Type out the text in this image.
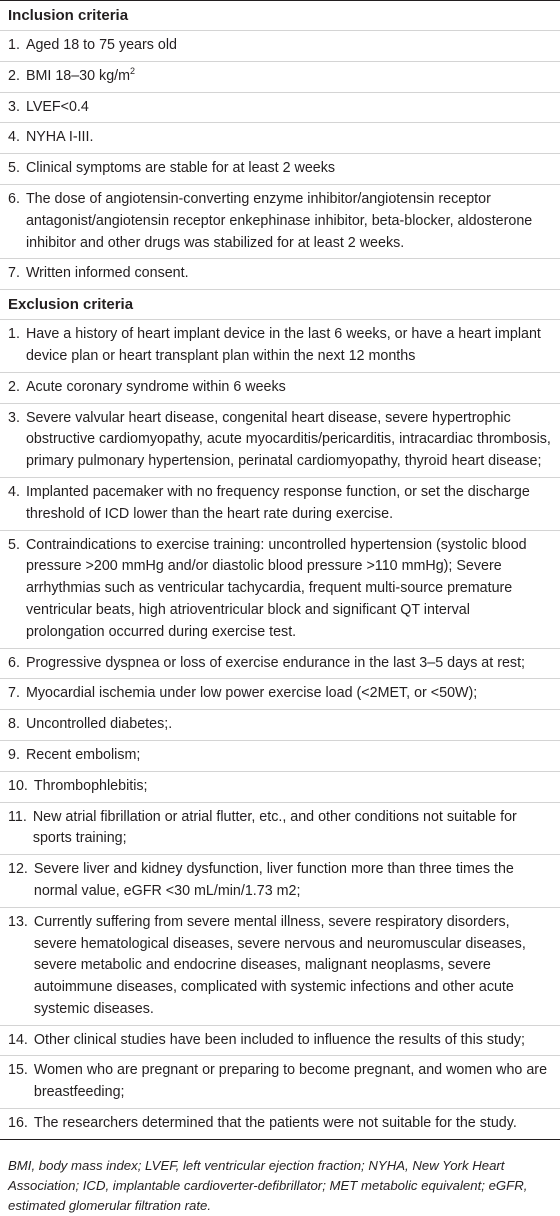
Inclusion criteria
1. Aged 18 to 75 years old
2. BMI 18–30 $kg/m^2$
3. LVEF<0.4
4. NYHA I-III.
5. Clinical symptoms are stable for at least 2 weeks
6. The dose of angiotensin-converting enzyme inhibitor/angiotensin receptor antagonist/angiotensin receptor enkephinase inhibitor, beta-blocker, aldosterone inhibitor and other drugs was stabilized for at least 2 weeks.
7. Written informed consent.
Exclusion criteria
1. Have a history of heart implant device in the last 6 weeks, or have a heart implant device plan or heart transplant plan within the next 12 months
2. Acute coronary syndrome within 6 weeks
3. Severe valvular heart disease, congenital heart disease, severe hypertrophic obstructive cardiomyopathy, acute myocarditis/pericarditis, intracardiac thrombosis, primary pulmonary hypertension, perinatal cardiomyopathy, thyroid heart disease;
4. Implanted pacemaker with no frequency response function, or set the discharge threshold of ICD lower than the heart rate during exercise.
5. Contraindications to exercise training: uncontrolled hypertension (systolic blood pressure >200 mmHg and/or diastolic blood pressure >110 mmHg); Severe arrhythmias such as ventricular tachycardia, frequent multi-source premature ventricular beats, high atrioventricular block and significant QT interval prolongation occurred during exercise test.
6. Progressive dyspnea or loss of exercise endurance in the last 3–5 days at rest;
7. Myocardial ischemia under low power exercise load (<2MET, or <50W);
8. Uncontrolled diabetes;.
9. Recent embolism;
10. Thrombophlebitis;
11. New atrial fibrillation or atrial flutter, etc., and other conditions not suitable for sports training;
12. Severe liver and kidney dysfunction, liver function more than three times the normal value, eGFR <30 mL/min/1.73 m2;
13. Currently suffering from severe mental illness, severe respiratory disorders, severe hematological diseases, severe nervous and neuromuscular diseases, severe metabolic and endocrine diseases, malignant neoplasms, severe autoimmune diseases, complicated with systemic infections and other acute systemic diseases.
14. Other clinical studies have been included to influence the results of this study;
15. Women who are pregnant or preparing to become pregnant, and women who are breastfeeding;
16. The researchers determined that the patients were not suitable for the study.
BMI, body mass index; LVEF, left ventricular ejection fraction; NYHA, New York Heart Association; ICD, implantable cardioverter-defibrillator; MET metabolic equivalent; eGFR, estimated glomerular filtration rate.
